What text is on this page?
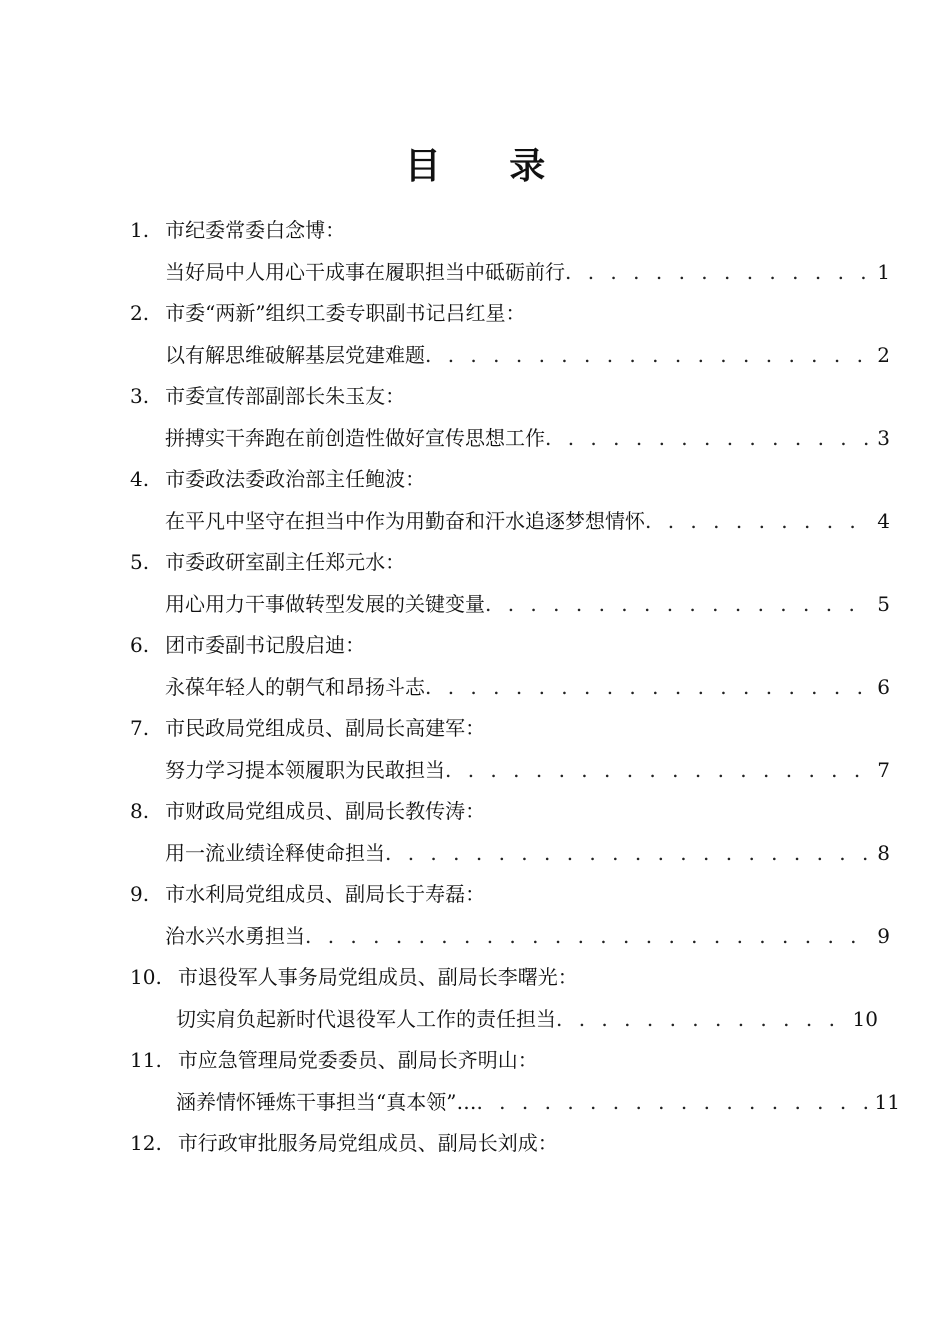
目 录
1. 市纪委常委白念博：
当好局中人用心干成事在履职担当中砥砺前行 . . .	1
2. 市委“两新”组织工委专职副书记吕红星：
以有解思维破解基层党建难题 . . .	2
3. 市委宣传部副部长朱玉友：
拼搏实干奔跑在前创造性做好宣传思想工作 . . .	3
4. 市委政法委政治部主任鲍波：
在平凡中坚守在担当中作为用勤奋和汗水追逐梦想情怀 . . .	4
5. 市委政研室副主任郑元水：
用心用力干事做转型发展的关键变量 . . .	5
6. 团市委副书记殷启迪：
永葆年轻人的朝气和昂扬斗志 . . .	6
7. 市民政局党组成员、副局长高建军：
努力学习提本领履职为民敢担当 . . .	7
8. 市财政局党组成员、副局长教传涛：
用一流业绩诠释使命担当 . . .	8
9. 市水利局党组成员、副局长于寿磊：
治水兴水勇担当 . . .	9
10. 市退役军人事务局党组成员、副局长李曙光：
切实肩负起新时代退役军人工作的责任担当 . . .	10
11. 市应急管理局党委委员、副局长齐明山：
涵养情怀锤炼干事担当“真本领”… . . .	11
12. 市行政审批服务局党组成员、副局长刘成：
